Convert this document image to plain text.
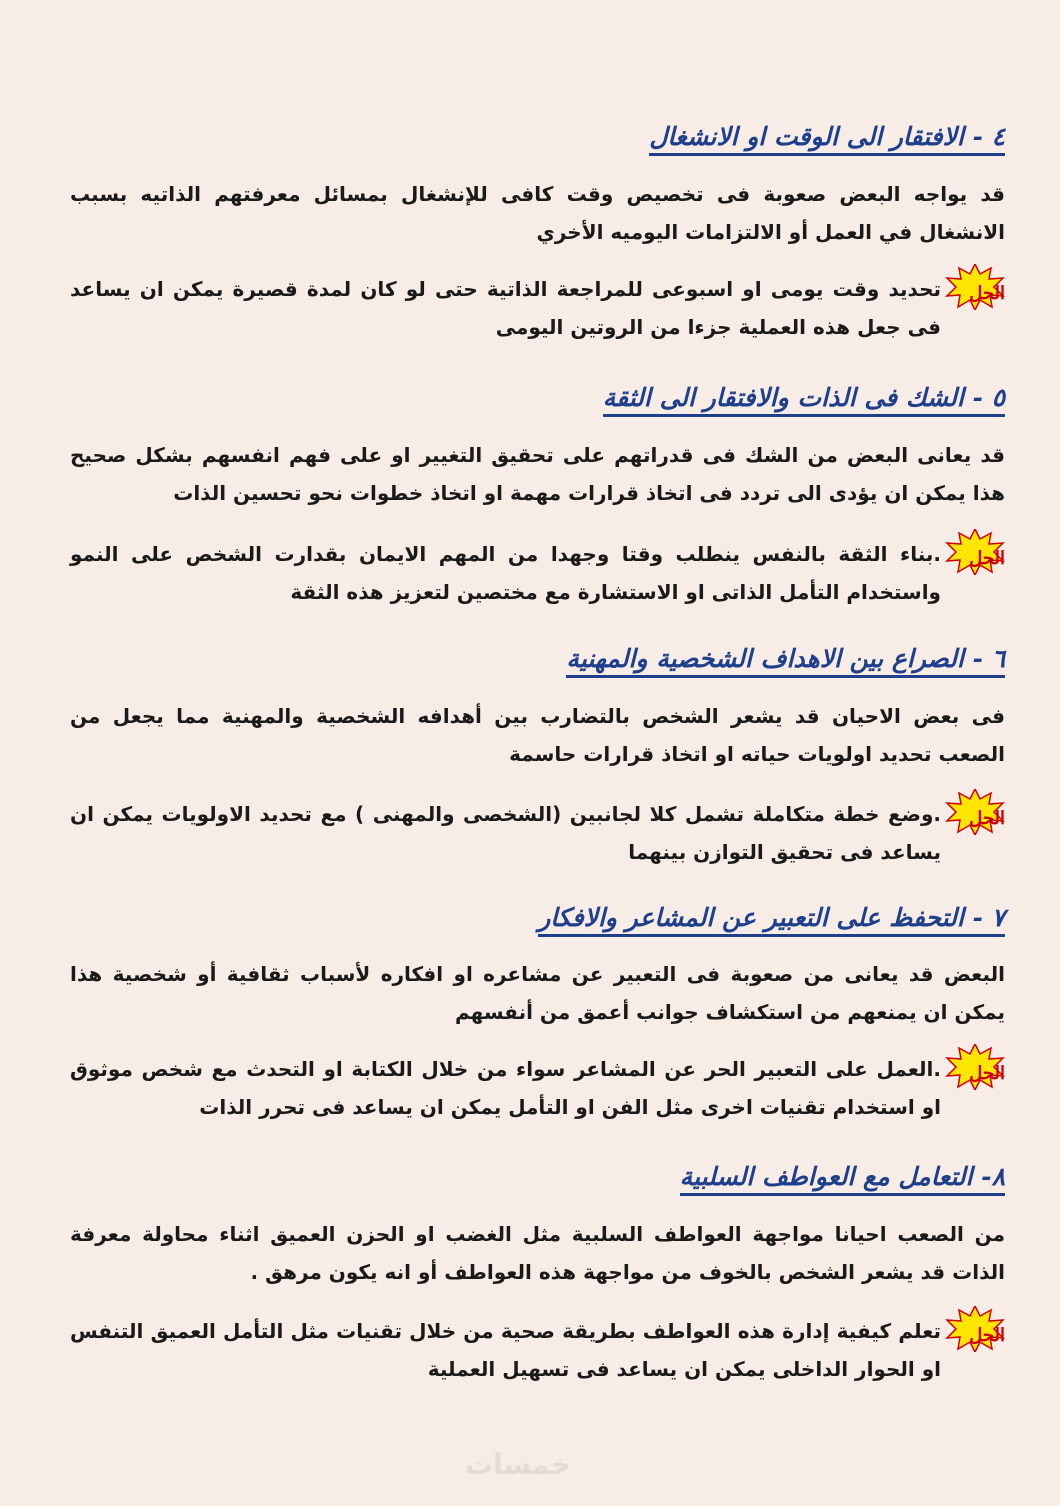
٤ - الافتقار الى الوقت او الانشغال
قد يواجه البعض صعوبة فى تخصيص وقت كافى للإنشغال بمسائل معرفتهم الذاتيه بسبب الانشغال في العمل أو الالتزامات اليوميه الأخري
الحل
تحديد وقت يومى او اسبوعى للمراجعة الذاتية حتى لو كان لمدة قصيرة يمكن ان يساعد فى جعل هذه العملية جزءا من الروتين اليومى
٥ - الشك فى الذات والافتقار الى الثقة
قد يعانى البعض من الشك فى قدراتهم على تحقيق التغيير او على فهم انفسهم بشكل صحيح هذا يمكن ان يؤدى الى تردد فى اتخاذ قرارات مهمة او اتخاذ خطوات نحو تحسين الذات
الحل
.بناء الثقة بالنفس ينطلب وقتا وجهدا من المهم الايمان بقدارت الشخص على النمو واستخدام التأمل الذاتى او الاستشارة مع مختصين لتعزيز هذه الثقة
٦ - الصراع بين الاهداف الشخصية والمهنية
فى بعض الاحيان قد يشعر الشخص بالتضارب بين أهدافه الشخصية والمهنية مما يجعل من الصعب تحديد اولويات حياته او اتخاذ قرارات حاسمة
الحل
.وضع خطة متكاملة تشمل كلا لجانبين (الشخصى والمهنى ) مع تحديد الاولويات يمكن ان يساعد فى تحقيق التوازن بينهما
٧ - التحفظ على التعبير عن المشاعر والافكار
البعض قد يعانى من صعوبة فى التعبير عن مشاعره او افكاره لأسباب ثقافية أو شخصية هذا يمكن ان يمنعهم من استكشاف جوانب أعمق من أنفسهم
الحل
.العمل على التعبير الحر عن المشاعر سواء من خلال الكتابة او التحدث مع شخص موثوق او استخدام تقنيات اخرى مثل الفن او التأمل يمكن ان يساعد فى تحرر الذات
٨- التعامل مع العواطف السلبية
من الصعب احيانا مواجهة العواطف السلبية مثل الغضب او الحزن العميق اثناء محاولة معرفة الذات قد يشعر الشخص بالخوف من مواجهة هذه العواطف أو انه يكون مرهق .
الحل
تعلم كيفية إدارة هذه العواطف بطريقة صحية من خلال تقنيات مثل التأمل العميق التنفس او الحوار الداخلى يمكن ان يساعد فى تسهيل العملية
خمسات
